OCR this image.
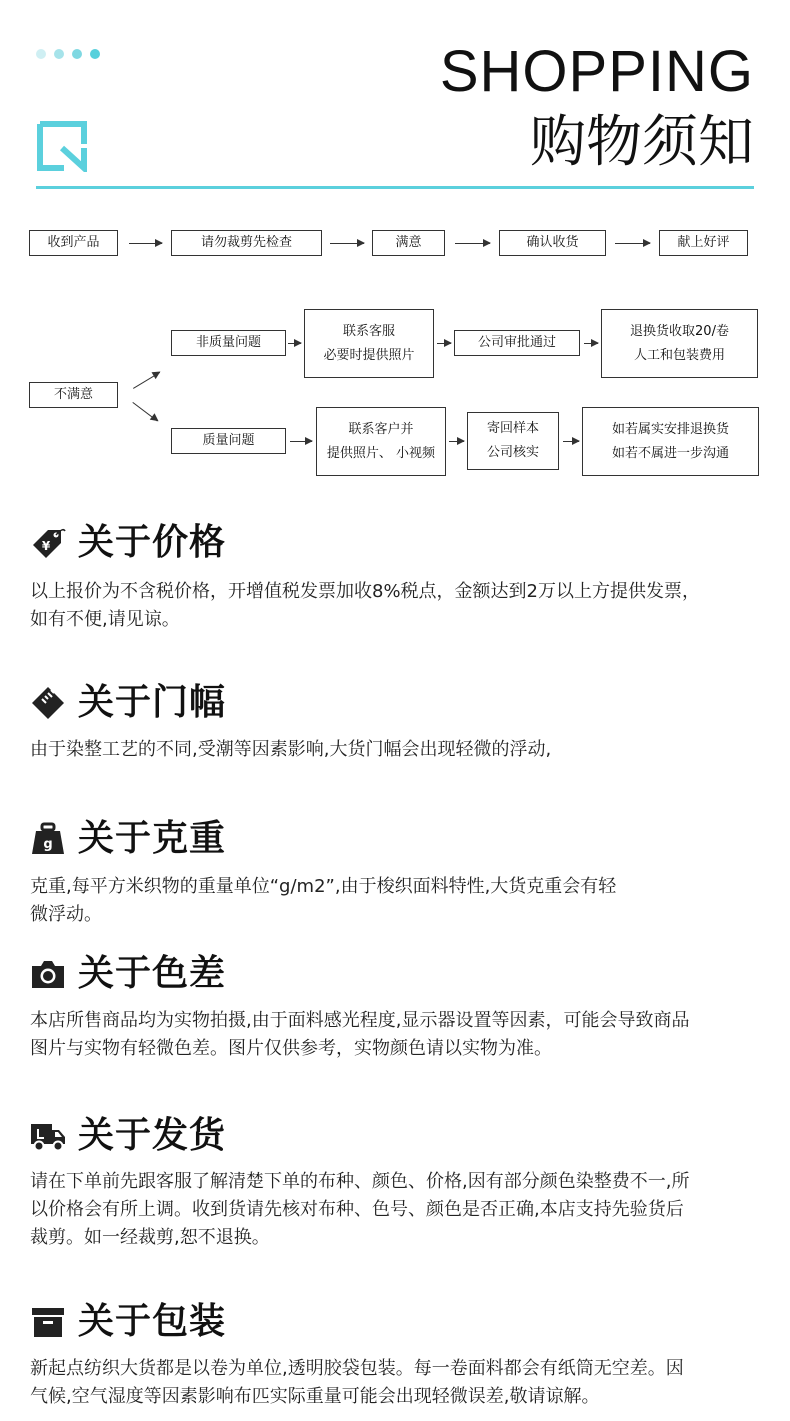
SHOPPING
购物须知
收到产品	请勿裁剪先检查	满意	确认收货	献上好评
不满意
非质量问题
联系客服
必要时提供照片
公司审批通过
退换货收取20/卷
人工和包装费用
质量问题
联系客户并
提供照片、 小视频
寄回样本
公司核实
如若属实安排退换货
如若不属进一步沟通
¥ 关于价格
以上报价为不含税价格，开增值税发票加收8%税点，金额达到2万以上方提供发票，
如有不便,请见谅。
关于门幅
由于染整工艺的不同,受潮等因素影响,大货门幅会出现轻微的浮动,
g 关于克重
克重,每平方米织物的重量单位“g/m2”,由于梭织面料特性,大货克重会有轻
微浮动。
关于色差
本店所售商品均为实物拍摄,由于面料感光程度,显示器设置等因素，可能会导致商品
图片与实物有轻微色差。图片仅供参考，实物颜色请以实物为准。
关于发货
请在下单前先跟客服了解清楚下单的布种、颜色、价格,因有部分颜色染整费不一,所
以价格会有所上调。收到货请先核对布种、色号、颜色是否正确,本店支持先验货后
裁剪。如一经裁剪,恕不退换。
关于包装
新起点纺织大货都是以卷为单位,透明胶袋包装。每一卷面料都会有纸筒无空差。因
气候,空气湿度等因素影响布匹实际重量可能会出现轻微误差,敬请谅解。
